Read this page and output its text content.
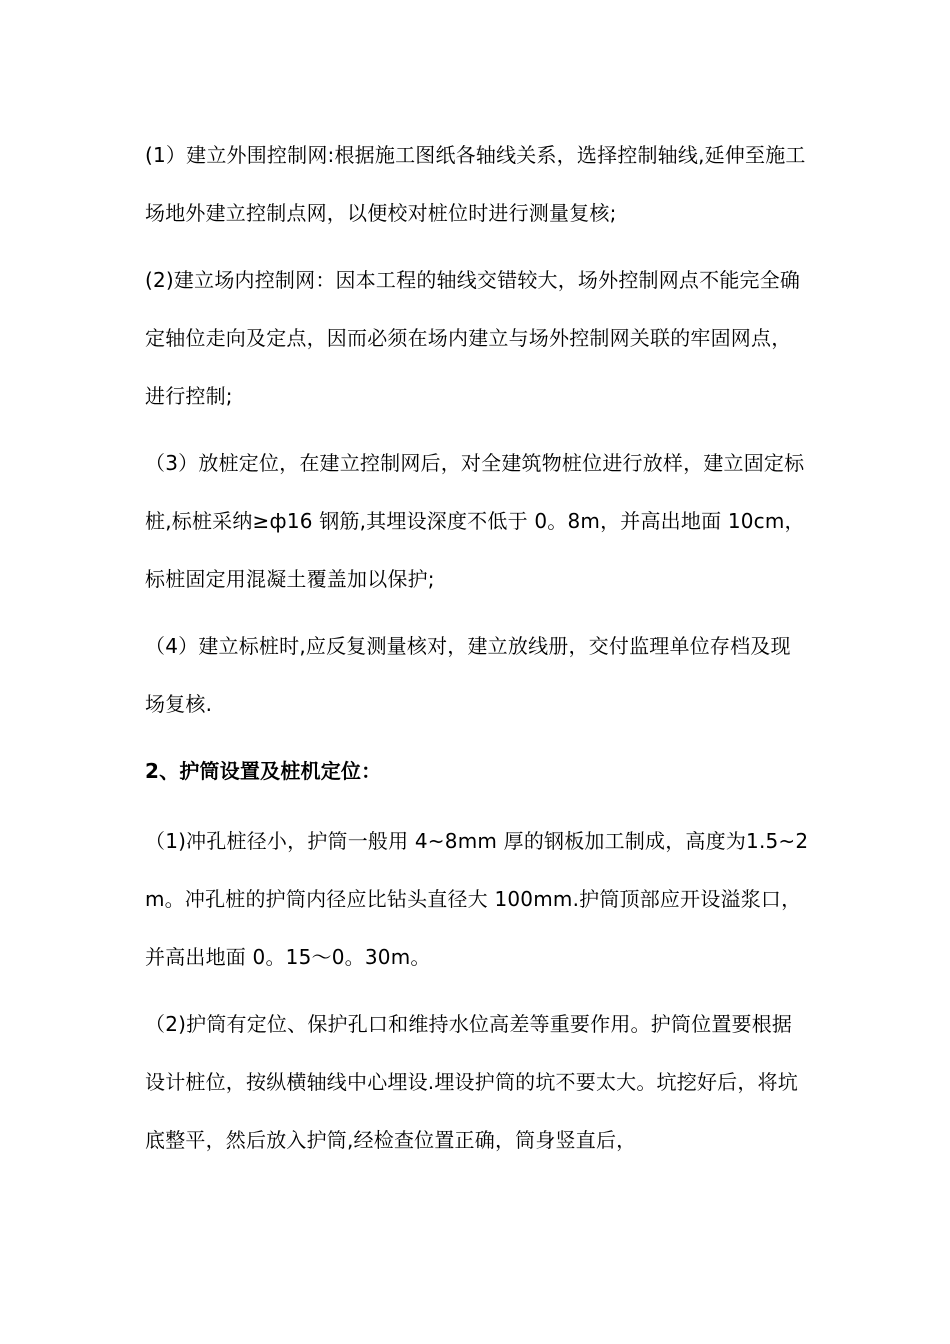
(1）建立外围控制网:根据施工图纸各轴线关系，选择控制轴线,延伸至施工场地外建立控制点网，以便校对桩位时进行测量复核;

(2)建立场内控制网：因本工程的轴线交错较大，场外控制网点不能完全确定轴位走向及定点，因而必须在场内建立与场外控制网关联的牢固网点，进行控制;

（3）放桩定位，在建立控制网后，对全建筑物桩位进行放样，建立固定标桩,标桩采纳≥ф16 钢筋,其埋设深度不低于 0。8m，并高出地面 10cm，标桩固定用混凝土覆盖加以保护;

（4）建立标桩时,应反复测量核对，建立放线册，交付监理单位存档及现场复核.

2、护筒设置及桩机定位：

（1)冲孔桩径小，护筒一般用 4~8mm 厚的钢板加工制成，高度为1.5~2m。冲孔桩的护筒内径应比钻头直径大 100mm.护筒顶部应开设溢浆口，并高出地面 0。15～0。30m。

（2)护筒有定位、保护孔口和维持水位高差等重要作用。护筒位置要根据设计桩位，按纵横轴线中心埋设.埋设护筒的坑不要太大。坑挖好后，将坑底整平，然后放入护筒,经检查位置正确，筒身竖直后，
